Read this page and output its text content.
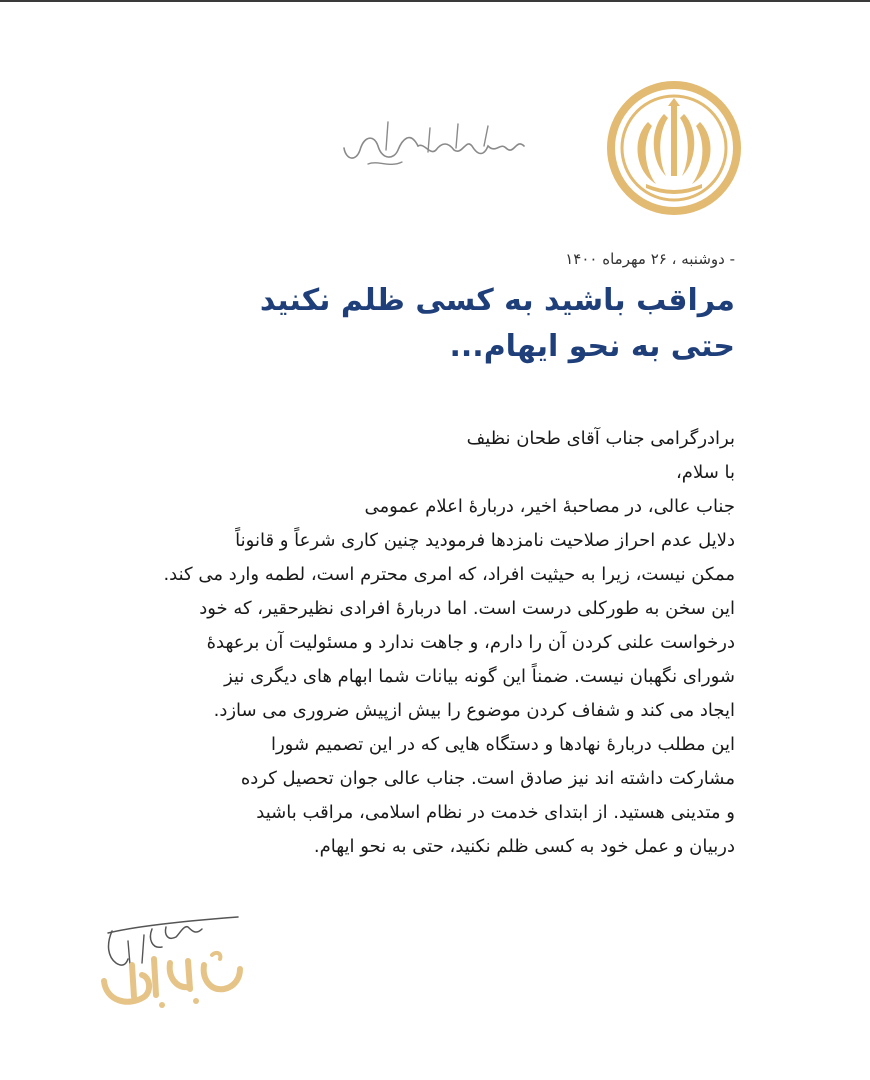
- دوشنبه ، ۲۶ مهرماه ۱۴۰۰
مراقب باشید به کسی ظلم نکنید
حتی به نحو ایهام...

برادرگرامی جناب آقای طحان نظیف

با سلام،

جناب عالی، در مصاحبهٔ اخیر، دربارهٔ اعلام عمومی

دلایل عدم احراز صلاحیت نامزدها فرمودید چنین کاری شرعاً و قانوناً

ممکن نیست، زیرا به حیثیت افراد، که امری محترم است، لطمه وارد می کند.

این سخن به طورکلی درست است. اما دربارهٔ افرادی نظیرحقیر، که خود

درخواست علنی کردن آن را دارم، و جاهت ندارد و مسئولیت آن برعهدهٔ

شورای نگهبان نیست. ضمناً این گونه بیانات شما ابهام های دیگری نیز

ایجاد می کند و شفاف کردن موضوع را بیش ازپیش ضروری می سازد.

این مطلب دربارهٔ نهادها و دستگاه هایی که در این تصمیم شورا

مشارکت داشته اند نیز صادق است. جناب عالی جوان تحصیل کرده

و متدینی هستید. از ابتدای خدمت در نظام اسلامی، مراقب باشید

دربیان و عمل خود به کسی ظلم نکنید، حتی به نحو ایهام.
